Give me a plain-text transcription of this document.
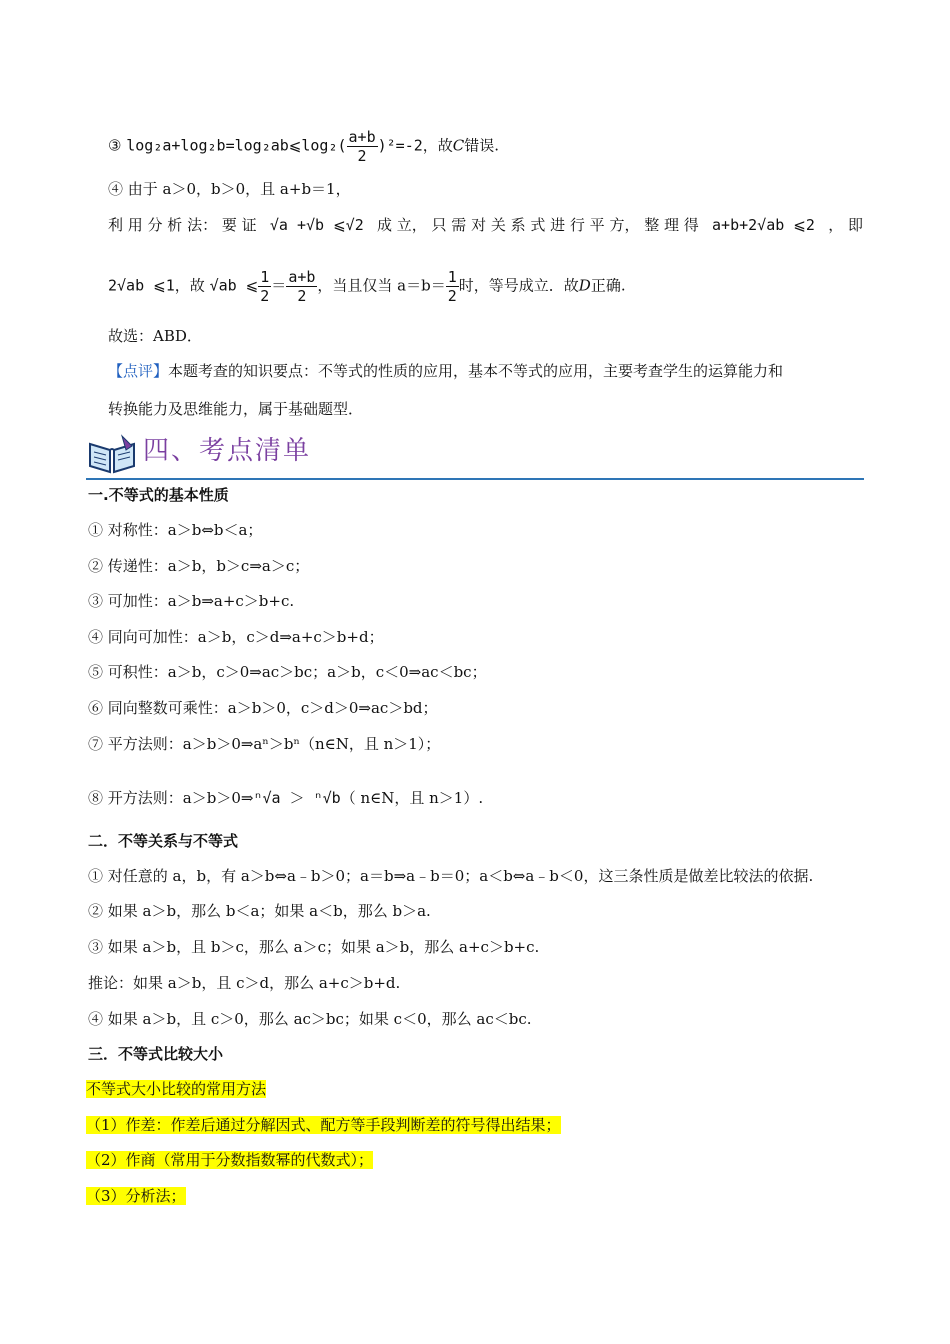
③ log₂a+log₂b=log₂ab⩽log₂( $\frac{a+b}{2} )^2=-2$，故C错误.
④ 由于 a＞0，b＞0，且 a+b＝1，
利 用 分 析 法： 要 证 √a +√b ⩽√2 成 立， 只 需 对 关 系 式 进 行 平 方， 整 理 得 a+b+2√ab ⩽2 ， 即
2√ab ⩽1，故 √ab ⩽ $\frac{1}{2} = \frac{a+b}{2}$ ，当且仅当 $a=b= \frac{1}{2}$ 时，等号成立．故D正确.
故选：ABD．
【点评】本题考查的知识要点：不等式的性质的应用，基本不等式的应用，主要考查学生的运算能力和
转换能力及思维能力，属于基础题型．
四、考点清单
一.不等式的基本性质
① 对称性：a＞b⇔b＜a；
② 传递性：a＞b，b＞c⇒a＞c；
③ 可加性：a＞b⇒a+c＞b+c.
④ 同向可加性：a＞b，c＞d⇒a+c＞b+d；
⑤ 可积性：a＞b，c＞0⇒ac＞bc；a＞b，c＜0⇒ac＜bc；
⑥ 同向整数可乘性：a＞b＞0，c＞d＞0⇒ac＞bd；
⑦ 平方法则：a＞b＞0⇒aⁿ＞bⁿ（n∈N，且 n＞1）；
⑧ 开方法则：a＞b＞0⇒ⁿ√a ＞ ⁿ√b（ n∈N，且 n＞1）.
二．不等关系与不等式
① 对任意的 a，b，有 a＞b⇔a﹣b＞0；a＝b⇒a﹣b＝0；a＜b⇔a﹣b＜0，这三条性质是做差比较法的依据.
② 如果 a＞b，那么 b＜a；如果 a＜b，那么 b＞a.
③ 如果 a＞b，且 b＞c，那么 a＞c；如果 a＞b，那么 a+c＞b+c.
推论：如果 a＞b，且 c＞d，那么 a+c＞b+d.
④ 如果 a＞b，且 c＞0，那么 ac＞bc；如果 c＜0，那么 ac＜bc.
三．不等式比较大小
不等式大小比较的常用方法
（1）作差：作差后通过分解因式、配方等手段判断差的符号得出结果；
（2）作商（常用于分数指数幂的代数式）；
（3）分析法；
